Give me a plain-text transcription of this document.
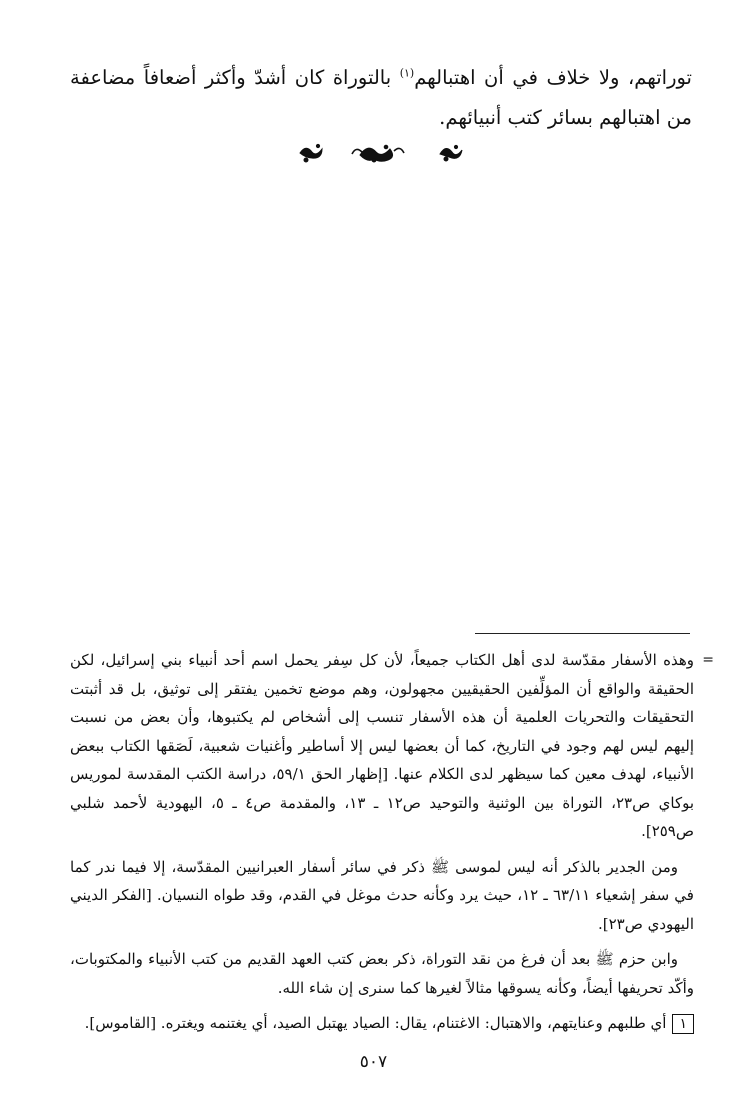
توراتهم، ولا خلاف في أن اهتبالهم$^{(١)}$ بالتوراة كان أشدّ وأكثر أضعافاً مضاعفة من اهتبالهم بسائر كتب أنبيائهم.

=
وهذه الأسفار مقدّسة لدى أهل الكتاب جميعاً، لأن كل سِفر يحمل اسم أحد أنبياء بني إسرائيل، لكن الحقيقة والواقع أن المؤلِّفين الحقيقيين مجهولون، وهم موضع تخمين يفتقر إلى توثيق، بل قد أثبتت التحقيقات والتحريات العلمية أن هذه الأسفار تنسب إلى أشخاص لم يكتبوها، وأن بعض من نسبت إليهم ليس لهم وجود في التاريخ، كما أن بعضها ليس إلا أساطير وأغنيات شعبية، لَصَقها الكتاب ببعض الأنبياء، لهدف معين كما سيظهر لدى الكلام عنها. [إظهار الحق ٥٩/١، دراسة الكتب المقدسة لموريس بوكاي ص٢٣، التوراة بين الوثنية والتوحيد ص١٢ ـ ١٣، والمقدمة ص٤ ـ ٥، اليهودية لأحمد شلبي ص٢٥٩].

ومن الجدير بالذكر أنه ليس لموسى ﷺ ذكر في سائر أسفار العبرانيين المقدّسة، إلا فيما ندر كما في سفر إشعياء ٦٣/١١ ـ ١٢، حيث يرد وكأنه حدث موغل في القدم، وقد طواه النسيان. [الفكر الديني اليهودي ص٢٣].

وابن حزم ﷺ بعد أن فرغ من نقد التوراة، ذكر بعض كتب العهد القديم من كتب الأنبياء والمكتوبات، وأكّد تحريفها أيضاً، وكأنه يسوقها مثالاً لغيرها كما سنرى إن شاء الله.

١أي طلبهم وعنايتهم، والاهتبال: الاغتنام، يقال: الصياد يهتبل الصيد، أي يغتنمه ويغتره. [القاموس].

٥٠٧
